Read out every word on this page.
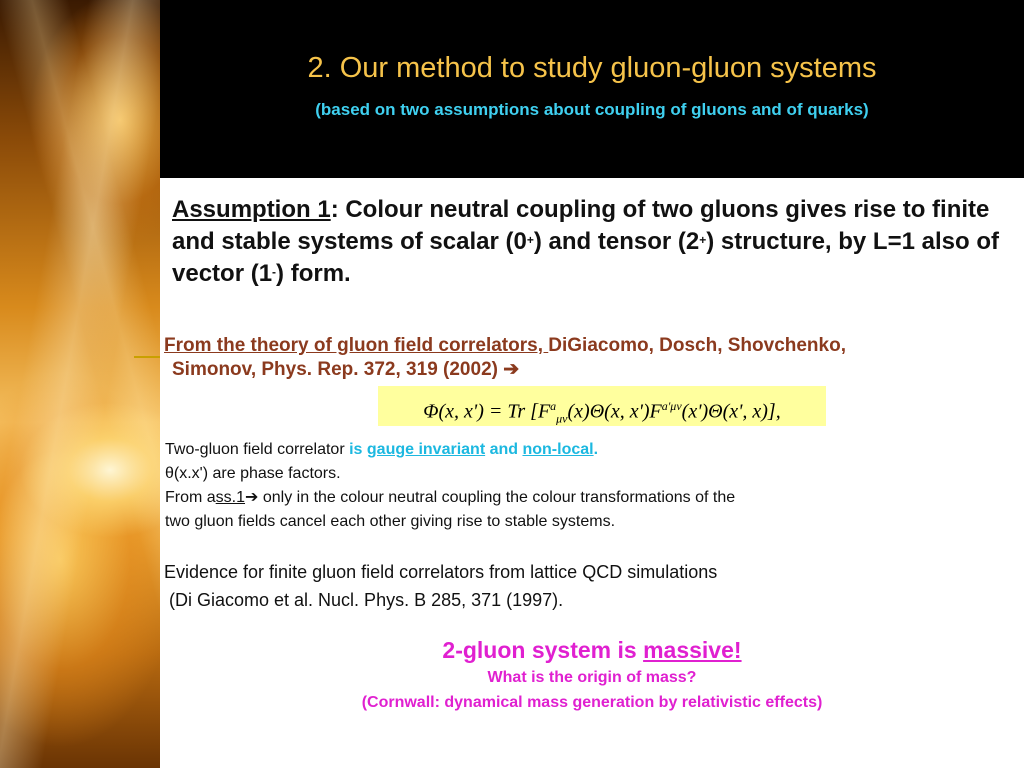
2. Our method to study gluon-gluon systems
(based on two assumptions about coupling of gluons and of quarks)
Assumption 1: Colour neutral coupling of two gluons gives rise to finite and stable systems of scalar (0+) and tensor (2+) structure, by L=1 also of vector (1-) form.
From the theory of gluon field correlators, DiGiacomo, Dosch, Shovchenko,
Simonov, Phys. Rep. 372, 319 (2002) ➔
Φ(x, x') = Tr [$F^a_{\mu\nu}(x)\Theta(x$, $x')F^{a'\mu\nu}(x')\Theta(x'$, x)],
Two-gluon field correlator is gauge invariant and non-local.
θ(x.x') are phase factors.
From ass.1➔ only in the colour neutral coupling the colour transformations of the
two gluon fields cancel each other giving rise to stable systems.
Evidence for finite gluon field correlators from lattice QCD simulations
(Di Giacomo et al. Nucl. Phys. B 285, 371 (1997).
2-gluon system is massive!
What is the origin of mass?
(Cornwall: dynamical mass generation by relativistic effects)
